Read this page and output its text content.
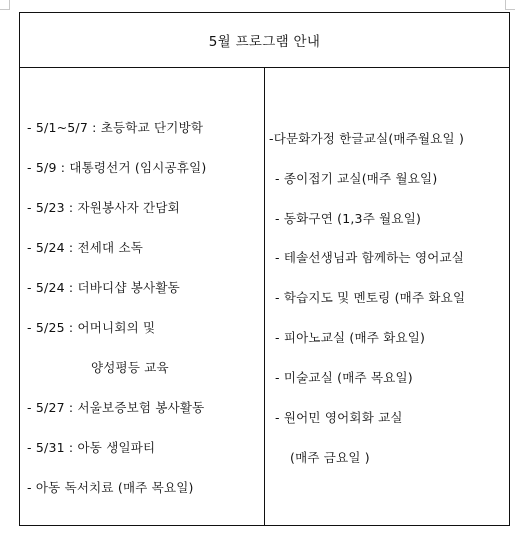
5월 프로그램 안내
- 5/1~5/7 : 초등학교 단기방학
- 5/9 : 대통령선거 (임시공휴일)
- 5/23 : 자원봉사자 간담회
- 5/24 : 전세대 소독
- 5/24 : 더바디샵 봉사활동
- 5/25 : 어머니회의 및
양성평등 교육
- 5/27 : 서울보증보험 봉사활동
- 5/31 : 아동 생일파티
- 아동 독서치료 (매주 목요일)
-다문화가정 한글교실(매주월요일 )
- 종이접기 교실(매주 월요일)
- 동화구연 (1,3주 월요일)
- 테솔선생님과 함께하는 영어교실
- 학습지도 및 멘토링 (매주 화요일
- 피아노교실 (매주 화요일)
- 미술교실 (매주 목요일)
- 원어민 영어회화 교실
(매주 금요일 )
